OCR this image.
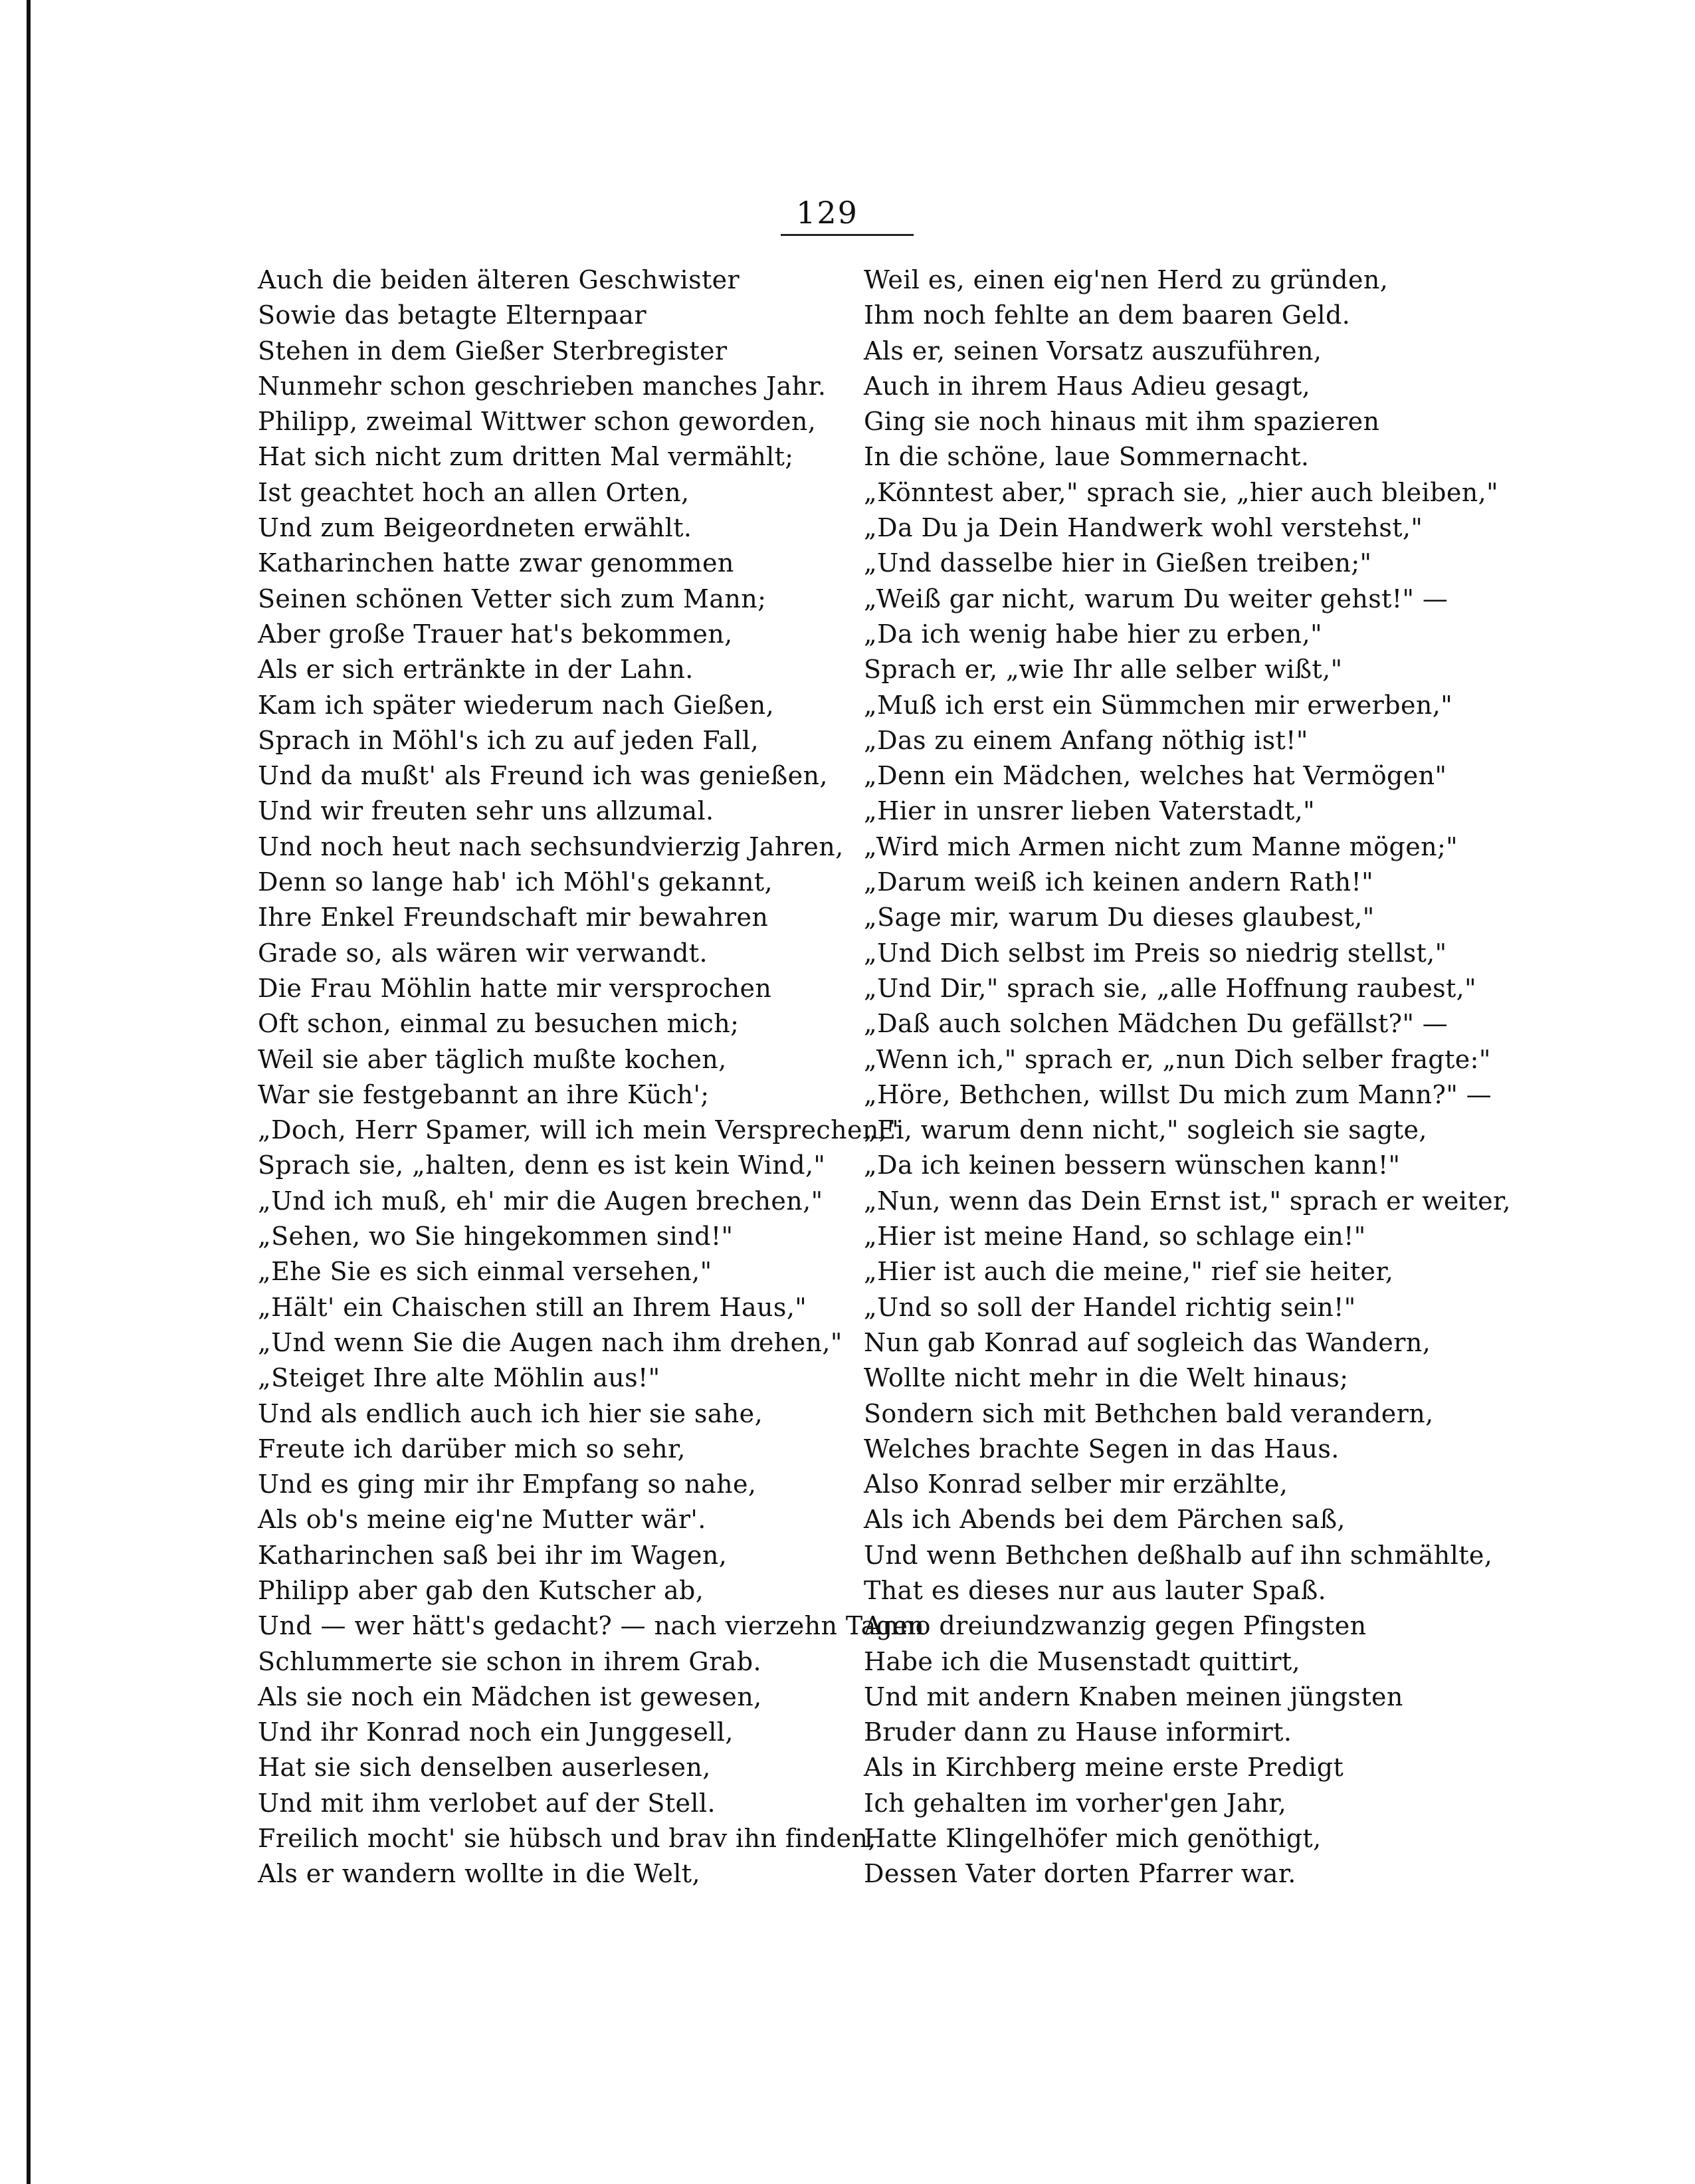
129
Auch die beiden älteren Geschwister
Sowie das betagte Elternpaar
Stehen in dem Gießer Sterbregister
Nunmehr schon geschrieben manches Jahr.
Philipp, zweimal Wittwer schon geworden,
Hat sich nicht zum dritten Mal vermählt;
Ist geachtet hoch an allen Orten,
Und zum Beigeordneten erwählt.
Katharinchen hatte zwar genommen
Seinen schönen Vetter sich zum Mann;
Aber große Trauer hat's bekommen,
Als er sich ertränkte in der Lahn.
Kam ich später wiederum nach Gießen,
Sprach in Möhl's ich zu auf jeden Fall,
Und da mußt' als Freund ich was genießen,
Und wir freuten sehr uns allzumal.
Und noch heut nach sechsundvierzig Jahren,
Denn so lange hab' ich Möhl's gekannt,
Ihre Enkel Freundschaft mir bewahren
Grade so, als wären wir verwandt.
Die Frau Möhlin hatte mir versprochen
Oft schon, einmal zu besuchen mich;
Weil sie aber täglich mußte kochen,
War sie festgebannt an ihre Küch';
„Doch, Herr Spamer, will ich mein Versprechen,"
Sprach sie, „halten, denn es ist kein Wind,"
„Und ich muß, eh' mir die Augen brechen,"
„Sehen, wo Sie hingekommen sind!"
„Ehe Sie es sich einmal versehen,"
„Hält' ein Chaischen still an Ihrem Haus,"
„Und wenn Sie die Augen nach ihm drehen,"
„Steiget Ihre alte Möhlin aus!"
Und als endlich auch ich hier sie sahe,
Freute ich darüber mich so sehr,
Und es ging mir ihr Empfang so nahe,
Als ob's meine eig'ne Mutter wär'.
Katharinchen saß bei ihr im Wagen,
Philipp aber gab den Kutscher ab,
Und — wer hätt's gedacht? — nach vierzehn Tagen
Schlummerte sie schon in ihrem Grab.
Als sie noch ein Mädchen ist gewesen,
Und ihr Konrad noch ein Junggesell,
Hat sie sich denselben auserlesen,
Und mit ihm verlobet auf der Stell.
Freilich mocht' sie hübsch und brav ihn finden,
Als er wandern wollte in die Welt,
Weil es, einen eig'nen Herd zu gründen,
Ihm noch fehlte an dem baaren Geld.
Als er, seinen Vorsatz auszuführen,
Auch in ihrem Haus Adieu gesagt,
Ging sie noch hinaus mit ihm spazieren
In die schöne, laue Sommernacht.
„Könntest aber," sprach sie, „hier auch bleiben,"
„Da Du ja Dein Handwerk wohl verstehst,"
„Und dasselbe hier in Gießen treiben;"
„Weiß gar nicht, warum Du weiter gehst!" —
„Da ich wenig habe hier zu erben,"
Sprach er, „wie Ihr alle selber wißt,"
„Muß ich erst ein Sümmchen mir erwerben,"
„Das zu einem Anfang nöthig ist!"
„Denn ein Mädchen, welches hat Vermögen"
„Hier in unsrer lieben Vaterstadt,"
„Wird mich Armen nicht zum Manne mögen;"
„Darum weiß ich keinen andern Rath!"
„Sage mir, warum Du dieses glaubest,"
„Und Dich selbst im Preis so niedrig stellst,"
„Und Dir," sprach sie, „alle Hoffnung raubest,"
„Daß auch solchen Mädchen Du gefällst?" —
„Wenn ich," sprach er, „nun Dich selber fragte:"
„Höre, Bethchen, willst Du mich zum Mann?" —
„Ei, warum denn nicht," sogleich sie sagte,
„Da ich keinen bessern wünschen kann!"
„Nun, wenn das Dein Ernst ist," sprach er weiter,
„Hier ist meine Hand, so schlage ein!"
„Hier ist auch die meine," rief sie heiter,
„Und so soll der Handel richtig sein!"
Nun gab Konrad auf sogleich das Wandern,
Wollte nicht mehr in die Welt hinaus;
Sondern sich mit Bethchen bald verandern,
Welches brachte Segen in das Haus.
Also Konrad selber mir erzählte,
Als ich Abends bei dem Pärchen saß,
Und wenn Bethchen deßhalb auf ihn schmählte,
That es dieses nur aus lauter Spaß.
Anno dreiundzwanzig gegen Pfingsten
Habe ich die Musenstadt quittirt,
Und mit andern Knaben meinen jüngsten
Bruder dann zu Hause informirt.
Als in Kirchberg meine erste Predigt
Ich gehalten im vorher'gen Jahr,
Hatte Klingelhöfer mich genöthigt,
Dessen Vater dorten Pfarrer war.
